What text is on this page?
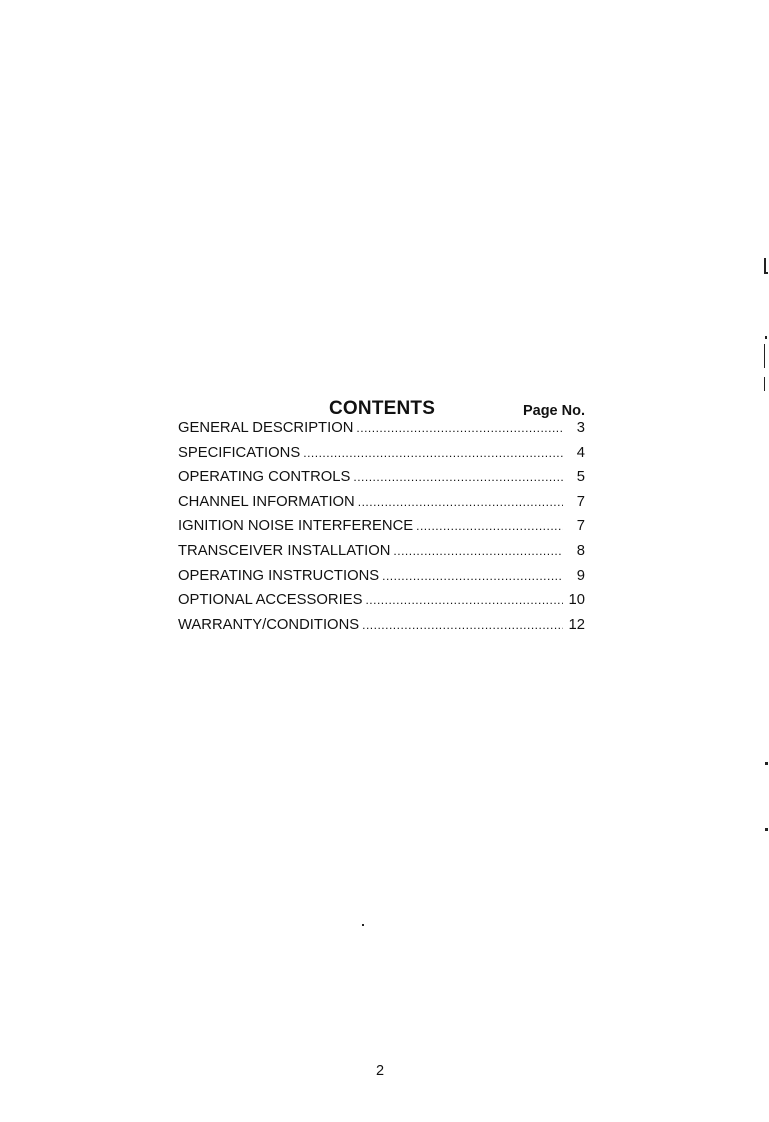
CONTENTS	Page No.
GENERAL DESCRIPTION .....	3
SPECIFICATIONS .....	4
OPERATING CONTROLS .....	5
CHANNEL INFORMATION .....	7
IGNITION NOISE INTERFERENCE .....	7
TRANSCEIVER INSTALLATION .....	8
OPERATING INSTRUCTIONS .....	9
OPTIONAL ACCESSORIES .....	10
WARRANTY/CONDITIONS .....	12
2
